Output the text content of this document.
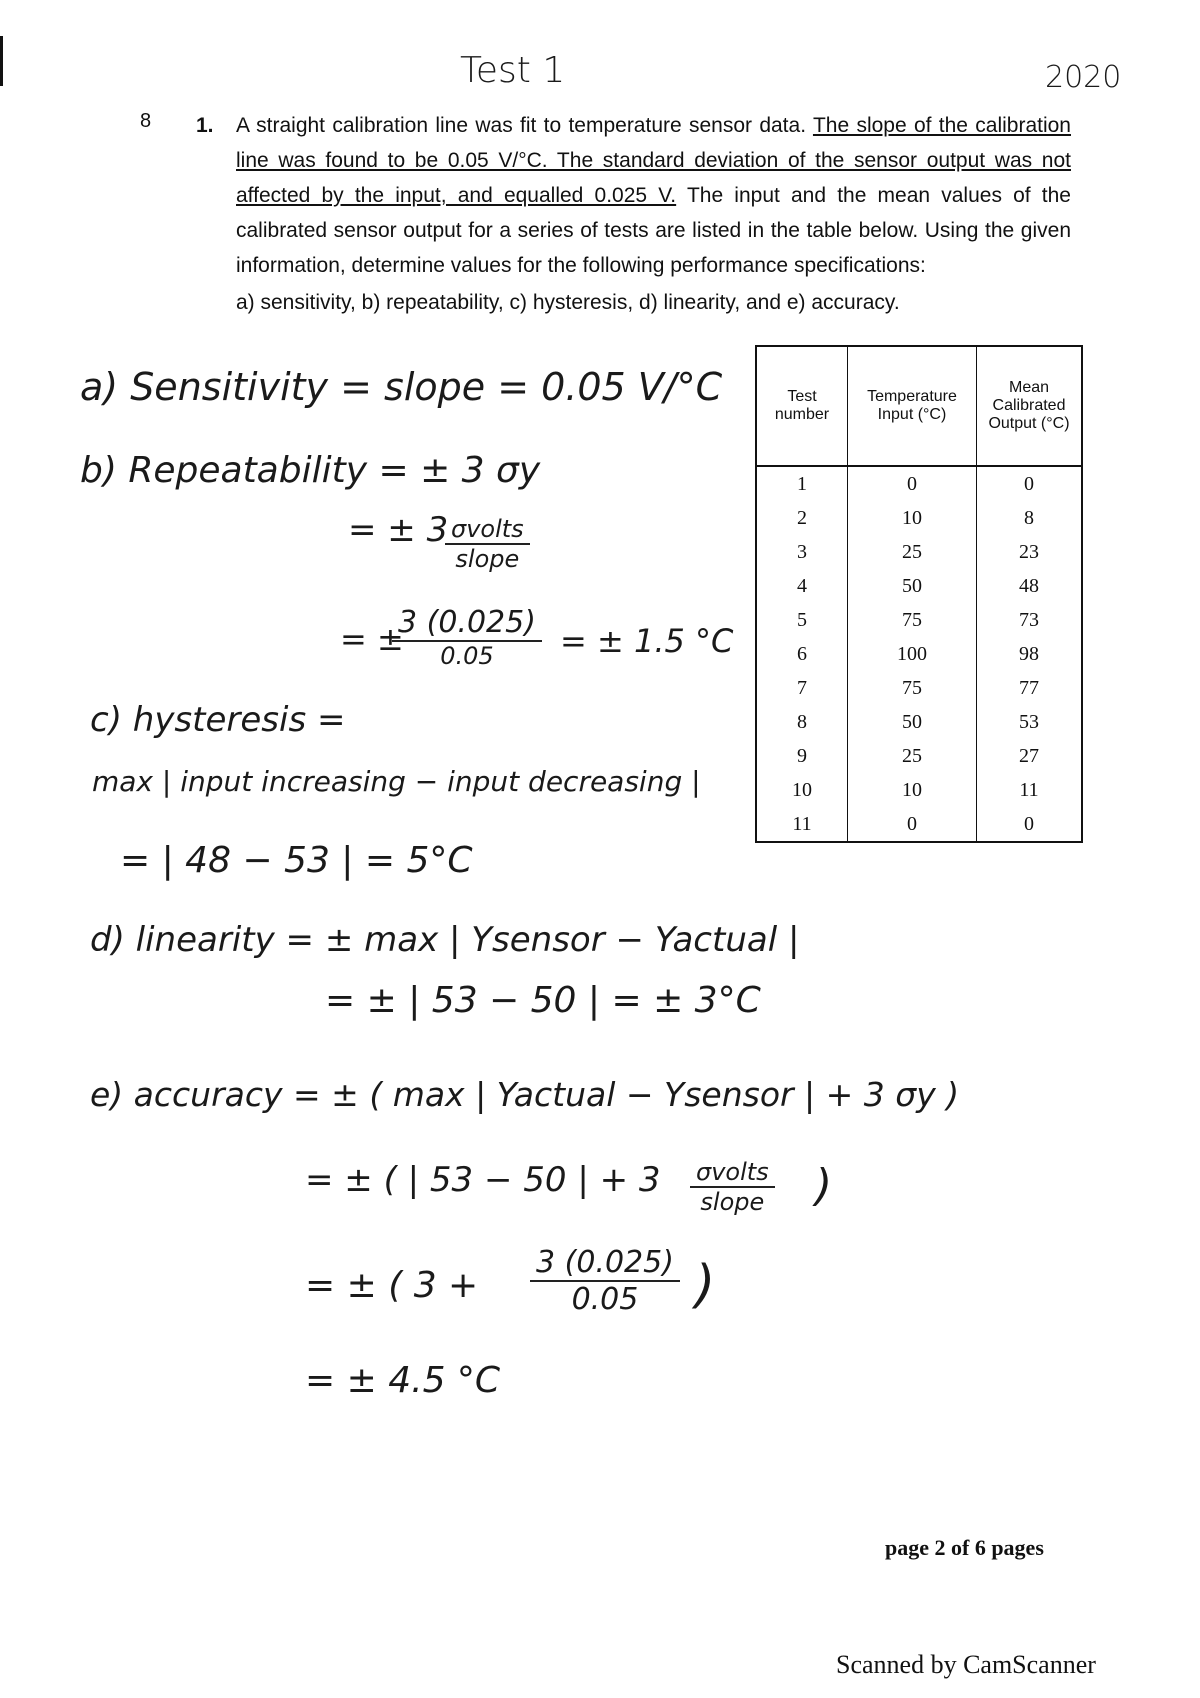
Test 1	2020
8 1. A straight calibration line was fit to temperature sensor data. The slope of the calibration line was found to be 0.05 V/°C. The standard deviation of the sensor output was not affected by the input, and equalled 0.025 V. The input and the mean values of the calibrated sensor output for a series of tests are listed in the table below. Using the given information, determine values for the following performance specifications:
a) sensitivity, b) repeatability, c) hysteresis, d) linearity, and e) accuracy.
Test number	Temperature Input (°C)	Mean Calibrated Output (°C)
1	0	0
2	10	8
3	25	23
4	50	48
5	75	73
6	100	98
7	75	77
8	50	53
9	25	27
10	10	11
11	0	0
a) Sensitivity = slope = 0.05 V/°C
b) Repeatability = ± 3 σy
= ± 3 σvolts
slope
= ±
3 (0.025)
0.05	= ± 1.5 °C
c) hysteresis =
max | input increasing − input decreasing |
= | 48 − 53 | = 5°C
d) linearity = ± max | Ysensor − Yactual |
= ± | 53 − 50 | = ± 3°C
e) accuracy = ± ( max | Yactual − Ysensor | + 3 σy )
= ± ( | 53 − 50 | + 3 σvolts
slope )
= ± ( $3 + \frac{3 (0.025)}{0.05}$ )
= ± 4.5 °C
page 2 of 6 pages
Scanned by CamScanner
